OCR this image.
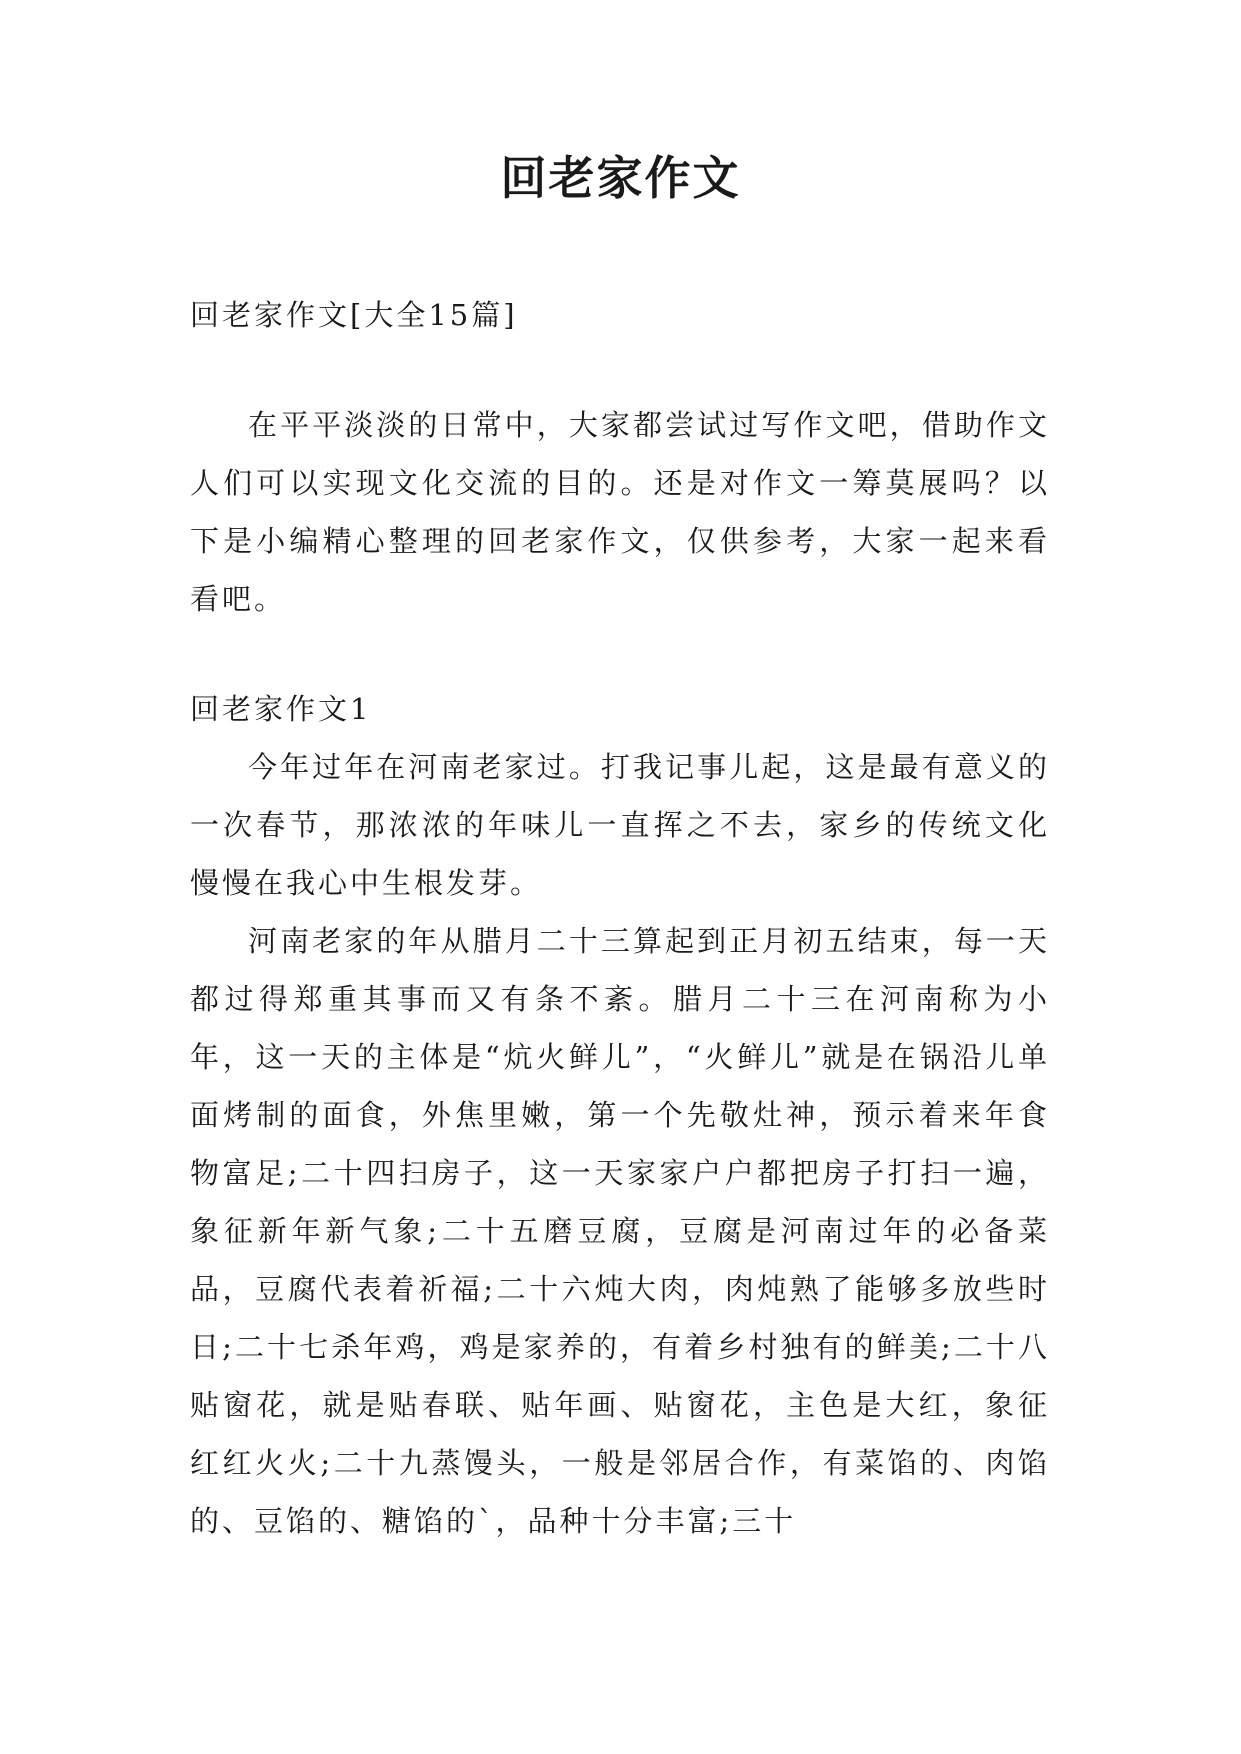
回老家作文

回老家作文[大全15篇]

在平平淡淡的日常中，大家都尝试过写作文吧，借助作文人们可以实现文化交流的目的。还是对作文一筹莫展吗？以下是小编精心整理的回老家作文，仅供参考，大家一起来看看吧。

回老家作文1

今年过年在河南老家过。打我记事儿起，这是最有意义的一次春节，那浓浓的年味儿一直挥之不去，家乡的传统文化慢慢在我心中生根发芽。

河南老家的年从腊月二十三算起到正月初五结束，每一天都过得郑重其事而又有条不紊。腊月二十三在河南称为小年，这一天的主体是“炕火鲜儿”，“火鲜儿”就是在锅沿儿单面烤制的面食，外焦里嫩，第一个先敬灶神，预示着来年食物富足;二十四扫房子，这一天家家户户都把房子打扫一遍，象征新年新气象;二十五磨豆腐，豆腐是河南过年的必备菜品，豆腐代表着祈福;二十六炖大肉，肉炖熟了能够多放些时日;二十七杀年鸡，鸡是家养的，有着乡村独有的鲜美;二十八贴窗花，就是贴春联、贴年画、贴窗花，主色是大红，象征红红火火;二十九蒸馒头，一般是邻居合作，有菜馅的、肉馅的、豆馅的、糖馅的`，品种十分丰富;三十
